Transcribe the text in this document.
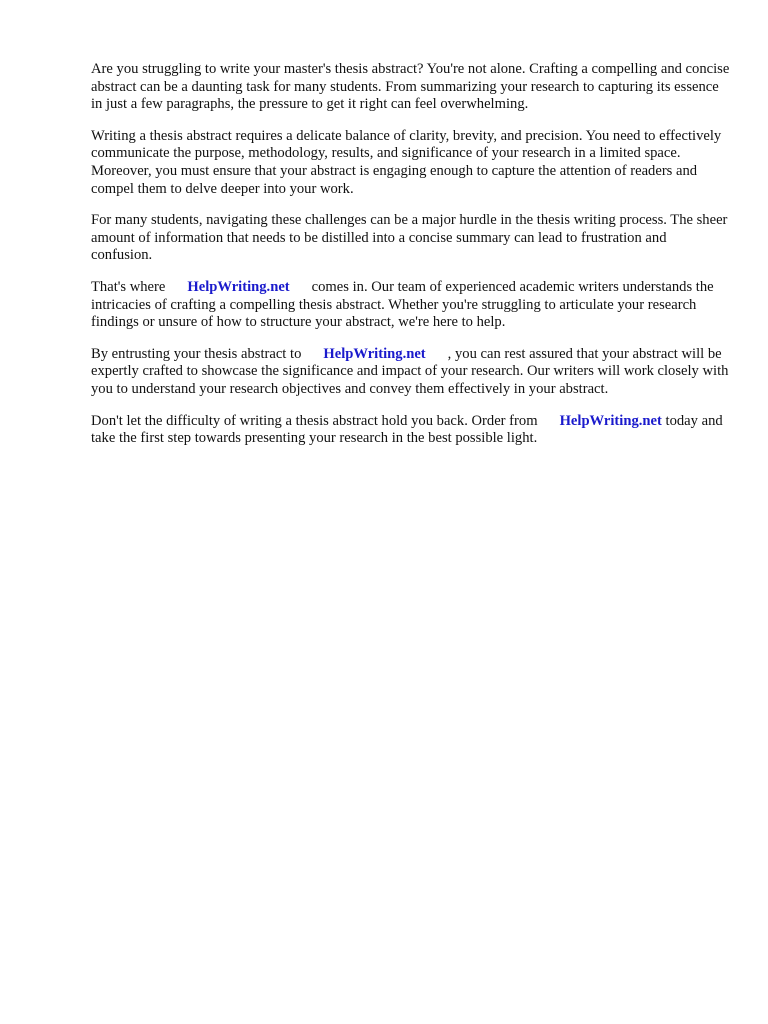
Are you struggling to write your master's thesis abstract? You're not alone. Crafting a compelling and concise abstract can be a daunting task for many students. From summarizing your research to capturing its essence in just a few paragraphs, the pressure to get it right can feel overwhelming.

Writing a thesis abstract requires a delicate balance of clarity, brevity, and precision. You need to effectively communicate the purpose, methodology, results, and significance of your research in a limited space. Moreover, you must ensure that your abstract is engaging enough to capture the attention of readers and compel them to delve deeper into your work.

For many students, navigating these challenges can be a major hurdle in the thesis writing process. The sheer amount of information that needs to be distilled into a concise summary can lead to frustration and confusion.

That's where HelpWriting.net comes in. Our team of experienced academic writers understands the intricacies of crafting a compelling thesis abstract. Whether you're struggling to articulate your research findings or unsure of how to structure your abstract, we're here to help.

By entrusting your thesis abstract to HelpWriting.net , you can rest assured that your abstract will be expertly crafted to showcase the significance and impact of your research. Our writers will work closely with you to understand your research objectives and convey them effectively in your abstract.

Don't let the difficulty of writing a thesis abstract hold you back. Order from HelpWriting.net today and take the first step towards presenting your research in the best possible light.
